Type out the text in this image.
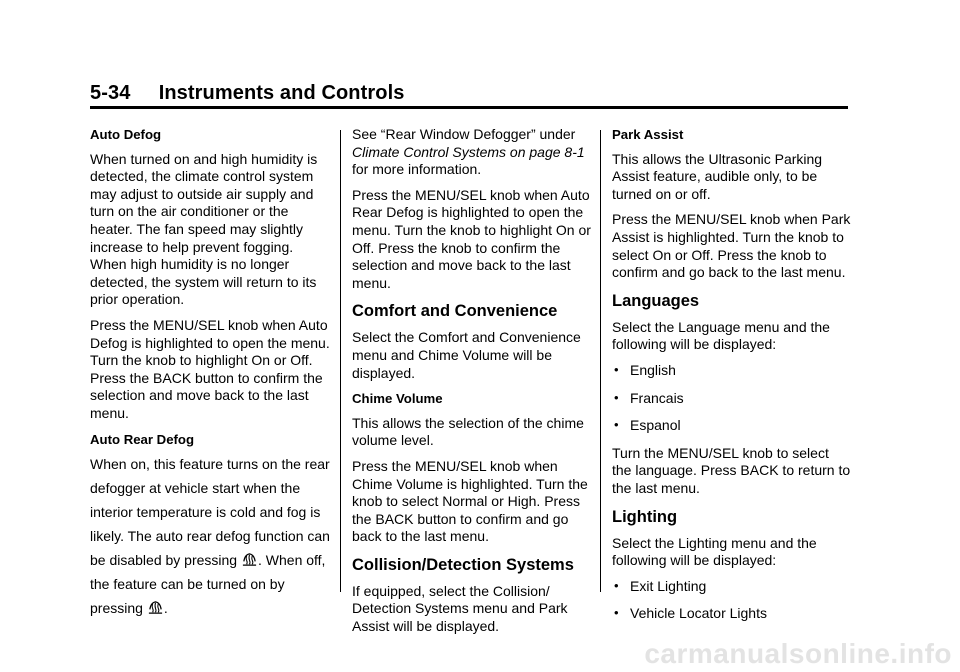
5-34     Instruments and Controls

Auto Defog

When turned on and high humidity is detected, the climate control system may adjust to outside air supply and turn on the air conditioner or the heater. The fan speed may slightly increase to help prevent fogging. When high humidity is no longer detected, the system will return to its prior operation.

Press the MENU/SEL knob when Auto Defog is highlighted to open the menu. Turn the knob to highlight On or Off. Press the BACK button to confirm the selection and move back to the last menu.

Auto Rear Defog

When on, this feature turns on the rear defogger at vehicle start when the interior temperature is cold and fog is likely. The auto rear defog function can be disabled by pressing . When off, the feature can be turned on by pressing .

See “Rear Window Defogger” under Climate Control Systems on page 8-1 for more information.

Press the MENU/SEL knob when Auto Rear Defog is highlighted to open the menu. Turn the knob to highlight On or Off. Press the knob to confirm the selection and move back to the last menu.

Comfort and Convenience

Select the Comfort and Convenience menu and Chime Volume will be displayed.

Chime Volume

This allows the selection of the chime volume level.

Press the MENU/SEL knob when Chime Volume is highlighted. Turn the knob to select Normal or High. Press the BACK button to confirm and go back to the last menu.

Collision/Detection Systems

If equipped, select the Collision/ Detection Systems menu and Park Assist will be displayed.

Park Assist

This allows the Ultrasonic Parking Assist feature, audible only, to be turned on or off.

Press the MENU/SEL knob when Park Assist is highlighted. Turn the knob to select On or Off. Press the knob to confirm and go back to the last menu.

Languages

Select the Language menu and the following will be displayed:

• English
• Francais
• Espanol

Turn the MENU/SEL knob to select the language. Press BACK to return to the last menu.

Lighting

Select the Lighting menu and the following will be displayed:

• Exit Lighting
• Vehicle Locator Lights
carmanualsonline.info
